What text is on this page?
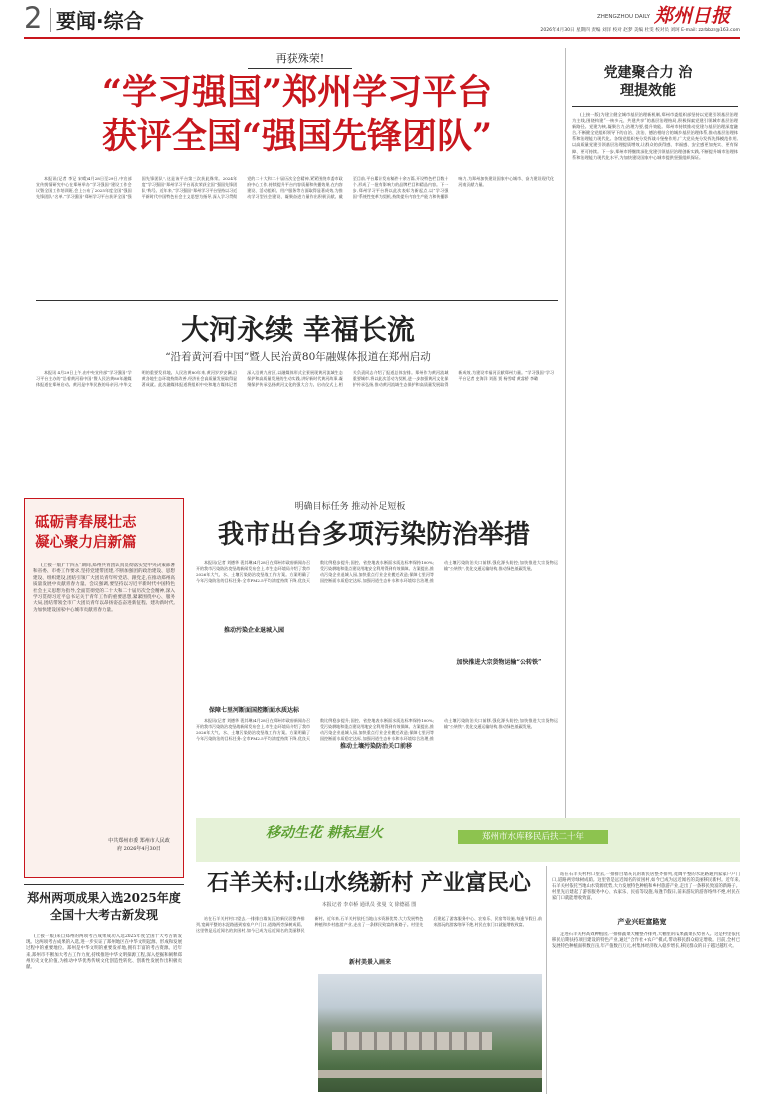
2 要闻·综合	ZHENGZHOU DAILY 郑州日报
2026年4月30日 星期四 责编 刘洋 校对 赵梦 美编 杜雯 校对员 刘珂 E-mail: zzrbbzr@163.com
再获殊荣!
“学习强国”郑州学习平台
获评全国“强国先锋团队”

本报讯(记者 李记 宋晴)4月28日至29日,中宣部宣传舆情研究中心在郑州举办“学习强国”建设工作会议暨全国工作培训班,会上公布了2025年度全国“强国先锋团队”名单,“学习强国”郑州学习平台获评全国“强国先锋团队”,这是该平台第三次获此殊荣。2024年度“学习强国”郑州学习平台再次荣获全国“强国先锋团队”称号。近年来,“学习强国”郑州学习平台坚持以习近平新时代中国特色社会主义思想为指导,深入学习贯彻党的二十大和二十届历次全会精神,紧紧围绕市委市政府中心工作,持续提升平台内容质量和传播效果,在内容建设、活动组织、用户服务等方面取得显著成效,为推动学习型社会建设、凝聚奋进力量作出积极贡献。截至目前,平台累计发布稿件十余万篇,开设特色栏目数十个,形成了一批有影响力的品牌栏目和精品内容。下一步,郑州学习平台将以此次表彰为新起点,以“学习强国”系统性变革为契机,持续提升内容生产能力和传播影响力,为郑州加快建设国家中心城市、奋力建设现代化河南贡献力量。

党建聚合力 治理提效能

(上接一版)为建立健全城市基层治理新机制,郑州市委组织部坚持以党建引领基层治理为主线,围绕构建“一核多元、共建共享”的基层治理格局,积极探索党建引领城市基层治理新路径。党建为核,凝聚合力;治理为要,提升效能。郑州市持续推动党建与基层治理深度融合,不断健全党组织领导下的自治、法治、德治相结合的城乡基层治理体系,推动基层治理体系和治理能力现代化。各级党组织充分发挥战斗堡垒作用,广大党员充分发挥先锋模范作用,以高质量党建引领基层治理提质增效,让群众的获得感、幸福感、安全感更加充实、更有保障、更可持续。下一步,郑州市将继续深化党建引领基层治理创新实践,不断提升城市治理体系和治理能力现代化水平,为加快建设国家中心城市提供坚强组织保证。

大河永续 幸福长流
“沿着黄河看中国”暨人民治黄80年融媒体报道在郑州启动

本报讯 4月29日上午,由中央宣传部“学习强国”学习平台主办的“沿着黄河看中国”暨人民治黄80年融媒体报道在郑州启动。黄河是中华民族的母亲河,中华文明的重要发祥地。人民治黄80年来,黄河岁岁安澜,沿黄各地生态环境持续改善,经济社会高质量发展取得显著成就。此次融媒体报道将组织中央和地方媒体记者深入沿黄九省区,以融媒体形式全景展现黄河流域生态保护和高质量发展的生动实践,讲好新时代黄河故事,凝聚保护传承弘扬黄河文化的强大合力。启动仪式上,相关负责同志介绍了报道总体安排。郑州作为黄河流域重要城市,将以此次活动为契机,进一步加强黄河文化保护传承弘扬,推动黄河流域生态保护和高质量发展取得新成效,为建设幸福河贡献郑州力量。“学习强国”学习平台记者 史海洋 刘嘉 贾 杨雪晴 黄睿桥 李璐

砥砺青春展壮志 凝心聚力启新篇

(上接一版)“十四五”期间,郑州共青团认真贯彻落实党中央决策部署和省委、市委工作要求,坚持党建带团建,不断加强团的政治建设、思想建设、组织建设,团结引领广大团员青年听党话、跟党走,在推动郑州高质量发展中贡献青春力量。会议强调,要坚持以习近平新时代中国特色社会主义思想为指导,全面贯彻党的二十大和二十届历次全会精神,深入学习贯彻习近平总书记关于青年工作的重要思想,紧紧围绕中心、服务大局,团结带领全市广大团员青年以昂扬姿态奋进新征程、建功新时代,为加快建设国家中心城市贡献青春力量。

中共郑州市委 郑州市人民政府 2026年4月30日
明确目标任务 推动补足短板
我市出台多项污染防治举措

本报讯(记者 刘德华 裴其琳)4月28日在郑州市政府新闻办召开的我市污染防治攻坚战新闻发布会上,市生态环境局介绍了我市2026年大气、水、土壤污染防治攻坚战工作方案。方案明确了今年污染防治的目标任务:全市PM2.5平均浓度持续下降,优良天数比例稳步提升;国控、省控地表水断面水质达标率保持100%;受污染耕地和重点建设用地安全利用得到有效保障。方案提出,推动污染企业退城入园,加快重点行业企业搬迁改造;保障七里河等国控断面水质稳定达标,加强河道生态补水和水环境综合治理;推动土壤污染防治关口前移,强化源头防控;加快推进大宗货物运输“公转铁”,优化交通运输结构,推动绿色低碳发展。

推动污染企业退城入园
保障七里河断面国控断面水质达标

本报讯(记者 刘德华 裴其琳)4月28日在郑州市政府新闻办召开的我市污染防治攻坚战新闻发布会上,市生态环境局介绍了我市2026年大气、水、土壤污染防治攻坚战工作方案。方案明确了今年污染防治的目标任务:全市PM2.5平均浓度持续下降,优良天数比例稳步提升;国控、省控地表水断面水质达标率保持100%;受污染耕地和重点建设用地安全利用得到有效保障。方案提出,推动污染企业退城入园,加快重点行业企业搬迁改造;保障七里河等国控断面水质稳定达标,加强河道生态补水和水环境综合治理;推动土壤污染防治关口前移,强化源头防控;加快推进大宗货物运输“公转铁”,优化交通运输结构,推动绿色低碳发展。

推动土壤污染防治关口前移
加快推进大宗货物运输“公转铁”
郑州两项成果入选2025年度全国十大考古新发现

(上接一版)来自郑州的两项考古成果成功入选2025年度全国十大考古新发现。这两项考古成果的入选,进一步实证了郑州地区在中华文明起源、形成和发展过程中的重要地位。郑州是中华文明的重要发祥地,拥有丰富的考古资源。近年来,郑州市不断加大考古工作力度,持续推进中华文明探源工程,深入挖掘和阐释郑州历史文化价值,为推动中华优秀传统文化创造性转化、创新性发展作出积极贡献。

移动生花 耕耘星火	郑州市水库移民后扶二十年
石羊关村:山水绕新村 产业富民心
本报记者 李卓桥 通讯员 张曼 文 徐德福 图

站在石羊关村村口望去,一排排白墙灰瓦的新民居整齐排列,宽阔平整的水泥路通到家家户户门口,道路两旁绿树成荫。这里曾是远近闻名的贫困村,如今已成为远近闻名的美丽移民新村。近年来,石羊关村依托当地山水资源优势,大力发展特色种植和乡村旅游产业,走出了一条移民致富的新路子。村里先后建起了游客服务中心、农家乐、民宿等设施,每逢节假日,前来游玩的游客络绎不绝,村民在家门口就能增收致富。

新村美景入画来
产业兴旺富路宽

站在石羊关村村口望去,一排排白墙灰瓦的新民居整齐排列,宽阔平整的水泥路通到家家户户门口,道路两旁绿树成荫。这里曾是远近闻名的贫困村,如今已成为远近闻名的美丽移民新村。近年来,石羊关村依托当地山水资源优势,大力发展特色种植和乡村旅游产业,走出了一条移民致富的新路子。村里先后建起了游客服务中心、农家乐、民宿等设施,每逢节假日,前来游玩的游客络绎不绝,村民在家门口就能增收致富。

走进石羊关村高效种植园,一排排蔬菜大棚整齐排列,大棚里的瓜果蔬菜长势喜人。这是村里依托移民后期扶持项目建设的特色产业,通过“合作社+农户”模式,带动移民群众稳定增收。目前,全村已发展特色种植面积数百亩,年产值数百万元,村集体经济收入稳步增长,移民群众的日子越过越红火。
